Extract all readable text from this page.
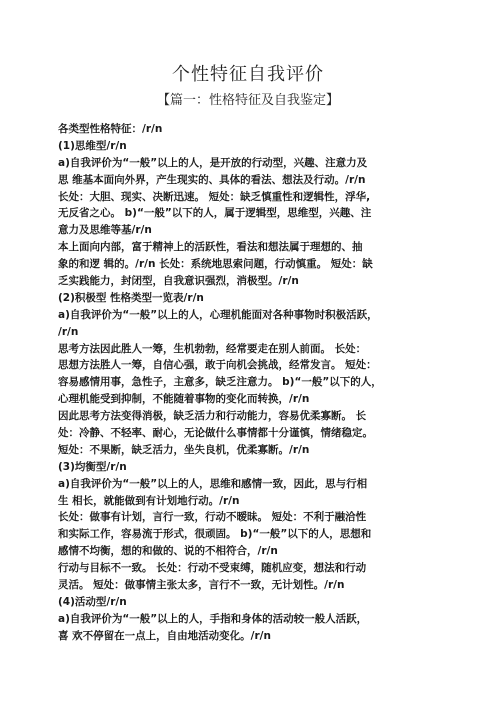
个性特征自我评价
【篇一：性格特征及自我鉴定】
各类型性格特征：/r/n
(1)思维型/r/n
a)自我评价为“一般”以上的人，是开放的行动型，兴趣、注意力及
思 维基本面向外界，产生现实的、具体的看法、想法及行动。/r/n
长处：大胆、现实、决断迅速。 短处：缺乏慎重性和逻辑性，浮华,
无反省之心。 b)“一般”以下的人，属于逻辑型，思维型，兴趣、注
意力及思维等基/r/n
本上面向内部，富于精神上的活跃性，看法和想法属于理想的、抽
象的和逻 辑的。/r/n 长处：系统地思索问题，行动慎重。 短处：缺
乏实践能力，封闭型，自我意识强烈，消极型。/r/n
(2)积极型 性格类型一览表/r/n
a)自我评价为“一般”以上的人，心理机能面对各种事物时积极活跃，
/r/n
思考方法因此胜人一筹，生机勃勃，经常要走在别人前面。 长处：
思想方法胜人一筹，自信心强，敢于向机会挑战，经常发言。 短处：
容易感情用事，急性子，主意多，缺乏注意力。 b)“一般”以下的人，
心理机能受到抑制，不能随着事物的变化而转换，/r/n
因此思考方法变得消极，缺乏活力和行动能力，容易优柔寡断。 长
处：冷静、不轻率、耐心，无论做什么事情都十分谨慎，情绪稳定。
短处：不果断，缺乏活力，坐失良机，优柔寡断。/r/n
(3)均衡型/r/n
a)自我评价为“一般”以上的人，思维和感情一致，因此，思与行相
生 相长，就能做到有计划地行动。/r/n
长处：做事有计划，言行一致，行动不暧昧。 短处：不利于融洽性
和实际工作，容易流于形式，很顽固。 b)“一般”以下的人，思想和
感情不均衡，想的和做的、说的不相符合，/r/n
行动与目标不一致。 长处：行动不受束缚，随机应变，想法和行动
灵活。 短处：做事情主张太多，言行不一致，无计划性。/r/n
(4)活动型/r/n
a)自我评价为“一般”以上的人，手指和身体的活动较一般人活跃，
喜 欢不停留在一点上，自由地活动变化。/r/n
